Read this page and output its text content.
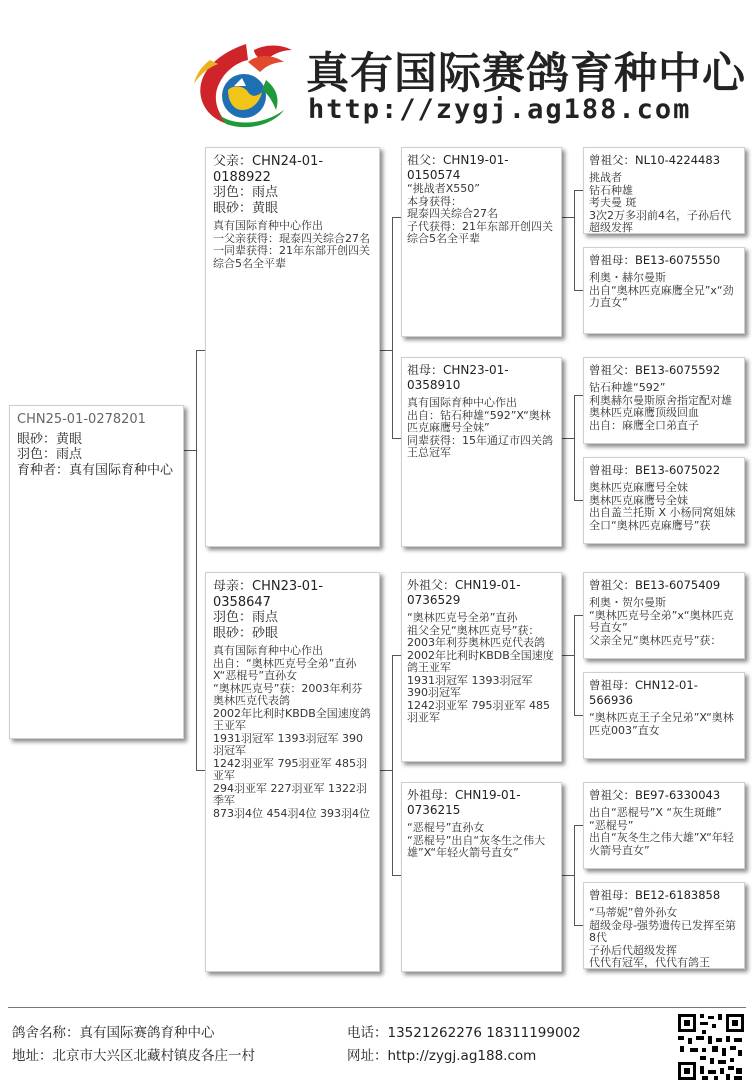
真有国际赛鸽育种中心
http://zygj.ag188.com
CHN25-01-0278201
眼砂：黄眼
羽色：雨点
育种者：真有国际育种中心
父亲：CHN24-01-0188922
羽色：雨点
眼砂：黄眼
真有国际育种中心作出
一父亲获得：琨泰四关综合27名
一同辈获得：21年东部开创四关综合5名全平辈
母亲：CHN23-01-0358647
羽色：雨点
眼砂：砂眼
真有国际育种中心作出
出自：“奥林匹克号全弟”直孙X“恶棍号”直孙女
“奥林匹克号”获：2003年利芬奥林匹克代表鸽
2002年比利时KBDB全国速度鸽王亚军
1931羽冠军 1393羽冠军 390羽冠军
1242羽亚军 795羽亚军 485羽亚军
294羽亚军 227羽亚军 1322羽季军
873羽4位 454羽4位 393羽4位
祖父：CHN19-01-0150574
“挑战者X550”
本身获得：
琨泰四关综合27名
子代获得：21年东部开创四关综合5名全平辈
祖母：CHN23-01-0358910
真有国际育种中心作出
出自：钻石种雄“592”X“奥林匹克麻鹰号全妹”
同辈获得：15年通辽市四关鸽王总冠军
外祖父：CHN19-01-0736529
“奥林匹克号全弟”直孙
祖父全兄“奥林匹克号”获：
2003年利芬奥林匹克代表鸽
2002年比利时KBDB全国速度鸽王亚军
1931羽冠军 1393羽冠军 390羽冠军
1242羽亚军 795羽亚军 485羽亚军
外祖母：CHN19-01-0736215
“恶棍号”直孙女
“恶棍号”出自“灰冬生之伟大雄”X“年轻火箭号直女”
曾祖父：NL10-4224483
挑战者
钻石种雄
考夫曼 斑
3次2万多羽前4名，子孙后代超级发挥
曾祖母：BE13-6075550
利奥・赫尔曼斯
出自“奥林匹克麻鹰全兄”x“劲力直女”
曾祖父：BE13-6075592
钻石种雄“592”
利奥赫尔曼斯原舍指定配对雄
奥林匹克麻鹰顶级回血
出自：麻鹰全口弟直子
曾祖母：BE13-6075022
奥林匹克麻鹰号全妹
奥林匹克麻鹰号全妹
出自盖兰托斯 X 小杨同窝姐妹
全口“奥林匹克麻鹰号”获
曾祖父：BE13-6075409
利奥・贺尔曼斯
“奥林匹克号全弟”x“奥林匹克号直女”
父亲全兄“奥林匹克号”获：
曾祖母：CHN12-01-566936
“奥林匹克王子全兄弟”X“奥林匹克003”直女
曾祖父：BE97-6330043
出自“恶棍号”X “灰生斑雌”
“恶棍号”
出自“灰冬生之伟大雄”X“年轻火箭号直女”
曾祖母：BE12-6183858
“马蒂妮”曾外孙女
超级金母-强势遗传已发挥至第8代
子孙后代超级发挥
代代有冠军，代代有鸽王
鸽舍名称：真有国际赛鸽育种中心
地址：北京市大兴区北藏村镇皮各庄一村
电话：13521262276 18311199002
网址：http://zygj.ag188.com
